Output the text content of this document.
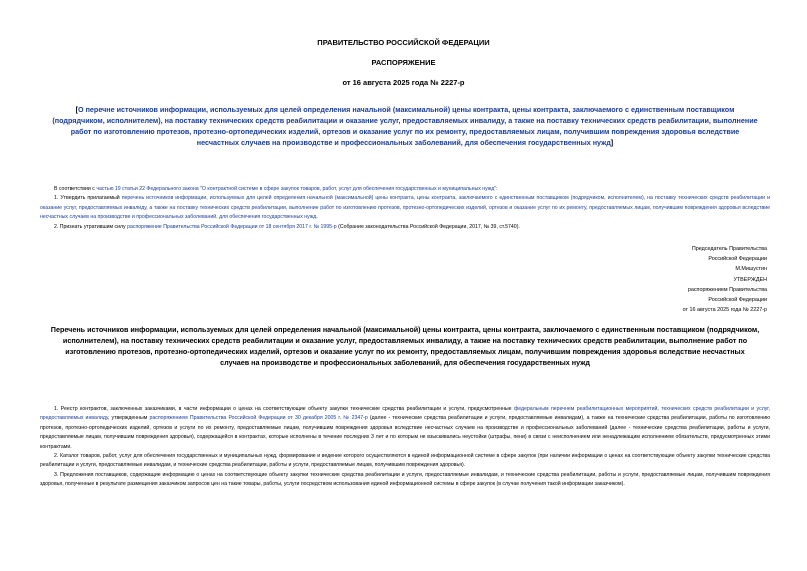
ПРАВИТЕЛЬСТВО РОССИЙСКОЙ ФЕДЕРАЦИИ
РАСПОРЯЖЕНИЕ
от 16 августа 2025 года № 2227-р
[О перечне источников информации, используемых для целей определения начальной (максимальной) цены контракта, цены контракта, заключаемого с единственным поставщиком (подрядчиком, исполнителем), на поставку технических средств реабилитации и оказание услуг, предоставляемых инвалиду, а также на поставку технических средств реабилитации, выполнение работ по изготовлению протезов, протезно-ортопедических изделий, ортезов и оказание услуг по их ремонту, предоставляемых лицам, получившим повреждения здоровья вследствие несчастных случаев на производстве и профессиональных заболеваний, для обеспечения государственных нужд]
В соответствии с частью 19 статьи 22 Федерального закона "О контрактной системе в сфере закупок товаров, работ, услуг для обеспечения государственных и муниципальных нужд":
1. Утвердить прилагаемый перечень источников информации, используемых для целей определения начальной (максимальной) цены контракта, цены контракта, заключаемого с единственным поставщиком (подрядчиком, исполнителем), на поставку технических средств реабилитации и оказание услуг, предоставляемых инвалиду, а также на поставку технических средств реабилитации, выполнение работ по изготовлению протезов, протезно-ортопедических изделий, ортезов и оказание услуг по их ремонту, предоставляемых лицам, получившим повреждения здоровья вследствие несчастных случаев на производстве и профессиональных заболеваний, для обеспечения государственных нужд.
2. Признать утратившим силу распоряжение Правительства Российской Федерации от 18 сентября 2017 г. № 1995-р (Собрание законодательства Российской Федерации, 2017, № 39, ст.5740).
Председатель Правительства
Российской Федерации
М.Мишустин
УТВЕРЖДЕН
распоряжением Правительства
Российской Федерации
от 16 августа 2025 года № 2227-р
Перечень источников информации, используемых для целей определения начальной (максимальной) цены контракта, цены контракта, заключаемого с единственным поставщиком (подрядчиком, исполнителем), на поставку технических средств реабилитации и оказание услуг, предоставляемых инвалиду, а также на поставку технических средств реабилитации, выполнение работ по изготовлению протезов, протезно-ортопедических изделий, ортезов и оказание услуг по их ремонту, предоставляемых лицам, получившим повреждения здоровья вследствие несчастных случаев на производстве и профессиональных заболеваний, для обеспечения государственных нужд
1. Реестр контрактов, заключенных заказчиками, в части информации о ценах на соответствующие объекту закупки технические средства реабилитации и услуги, предусмотренные федеральным перечнем реабилитационных мероприятий, технических средств реабилитации и услуг, предоставляемых инвалиду, утвержденным распоряжением Правительства Российской Федерации от 30 декабря 2005 г. № 2347-р (далее - технические средства реабилитации и услуги, предоставляемые инвалидам), а также на технические средства реабилитации, работы по изготовлению протезов, протезно-ортопедических изделий, ортезов и услуги по их ремонту, предоставляемые лицам, получившим повреждения здоровья вследствие несчастных случаев на производстве и профессиональных заболеваний (далее - технические средства реабилитации, работы и услуги, предоставляемые лицам, получившим повреждения здоровья), содержащейся в контрактах, которые исполнены в течение последних 3 лет и по которым не взыскивались неустойки (штрафы, пени) в связи с неисполнением или ненадлежащим исполнением обязательств, предусмотренных этими контрактами.
2. Каталог товаров, работ, услуг для обеспечения государственных и муниципальных нужд, формирование и ведение которого осуществляются в единой информационной системе в сфере закупок (при наличии информации о ценах на соответствующие объекту закупки технические средства реабилитации и услуги, предоставляемые инвалидам, и технические средства реабилитации, работы и услуги, предоставляемые лицам, получившим повреждения здоровья).
3. Предложения поставщиков, содержащие информацию о ценах на соответствующие объекту закупки технические средства реабилитации и услуги, предоставляемые инвалидам, и технические средства реабилитации, работы и услуги, предоставляемые лицам, получившим повреждения здоровья, полученные в результате размещения заказчиком запросов цен на такие товары, работы, услуги посредством использования единой информационной системы в сфере закупок (в случае получения такой информации заказчиком).
